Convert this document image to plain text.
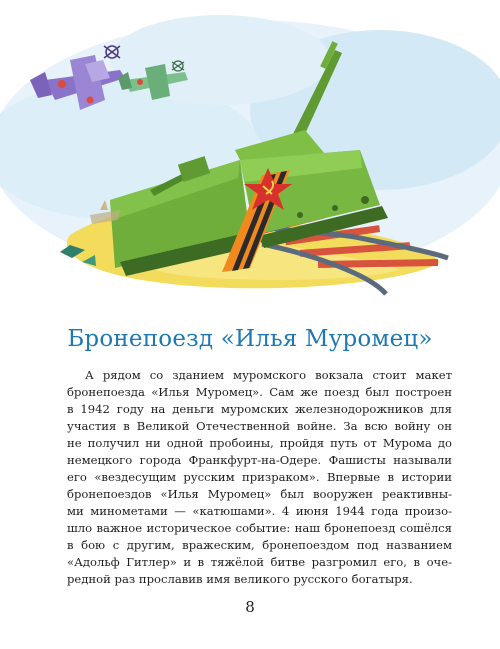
Бронепоезд «Илья Муромец»
А рядом со зданием муромского вокзала стоит макет
бронепоезда «Илья Муромец». Сам же поезд был построен
в 1942 году на деньги муромских железнодорожников для
участия в Великой Отечественной войне. За всю войну он
не получил ни одной пробоины, пройдя путь от Мурома до
немецкого города Франкфурт-на-Одере. Фашисты называли
его «вездесущим русским призраком». Впервые в истории
бронепоездов «Илья Муромец» был вооружен реактивны-
ми минометами — «катюшами». 4 июня 1944 года произо-
шло важное историческое событие: наш бронепоезд сошёлся
в бою с другим, вражеским, бронепоездом под названием
«Адольф Гитлер» и в тяжёлой битве разгромил его, в оче-
редной раз прославив имя великого русского богатыря.
8
